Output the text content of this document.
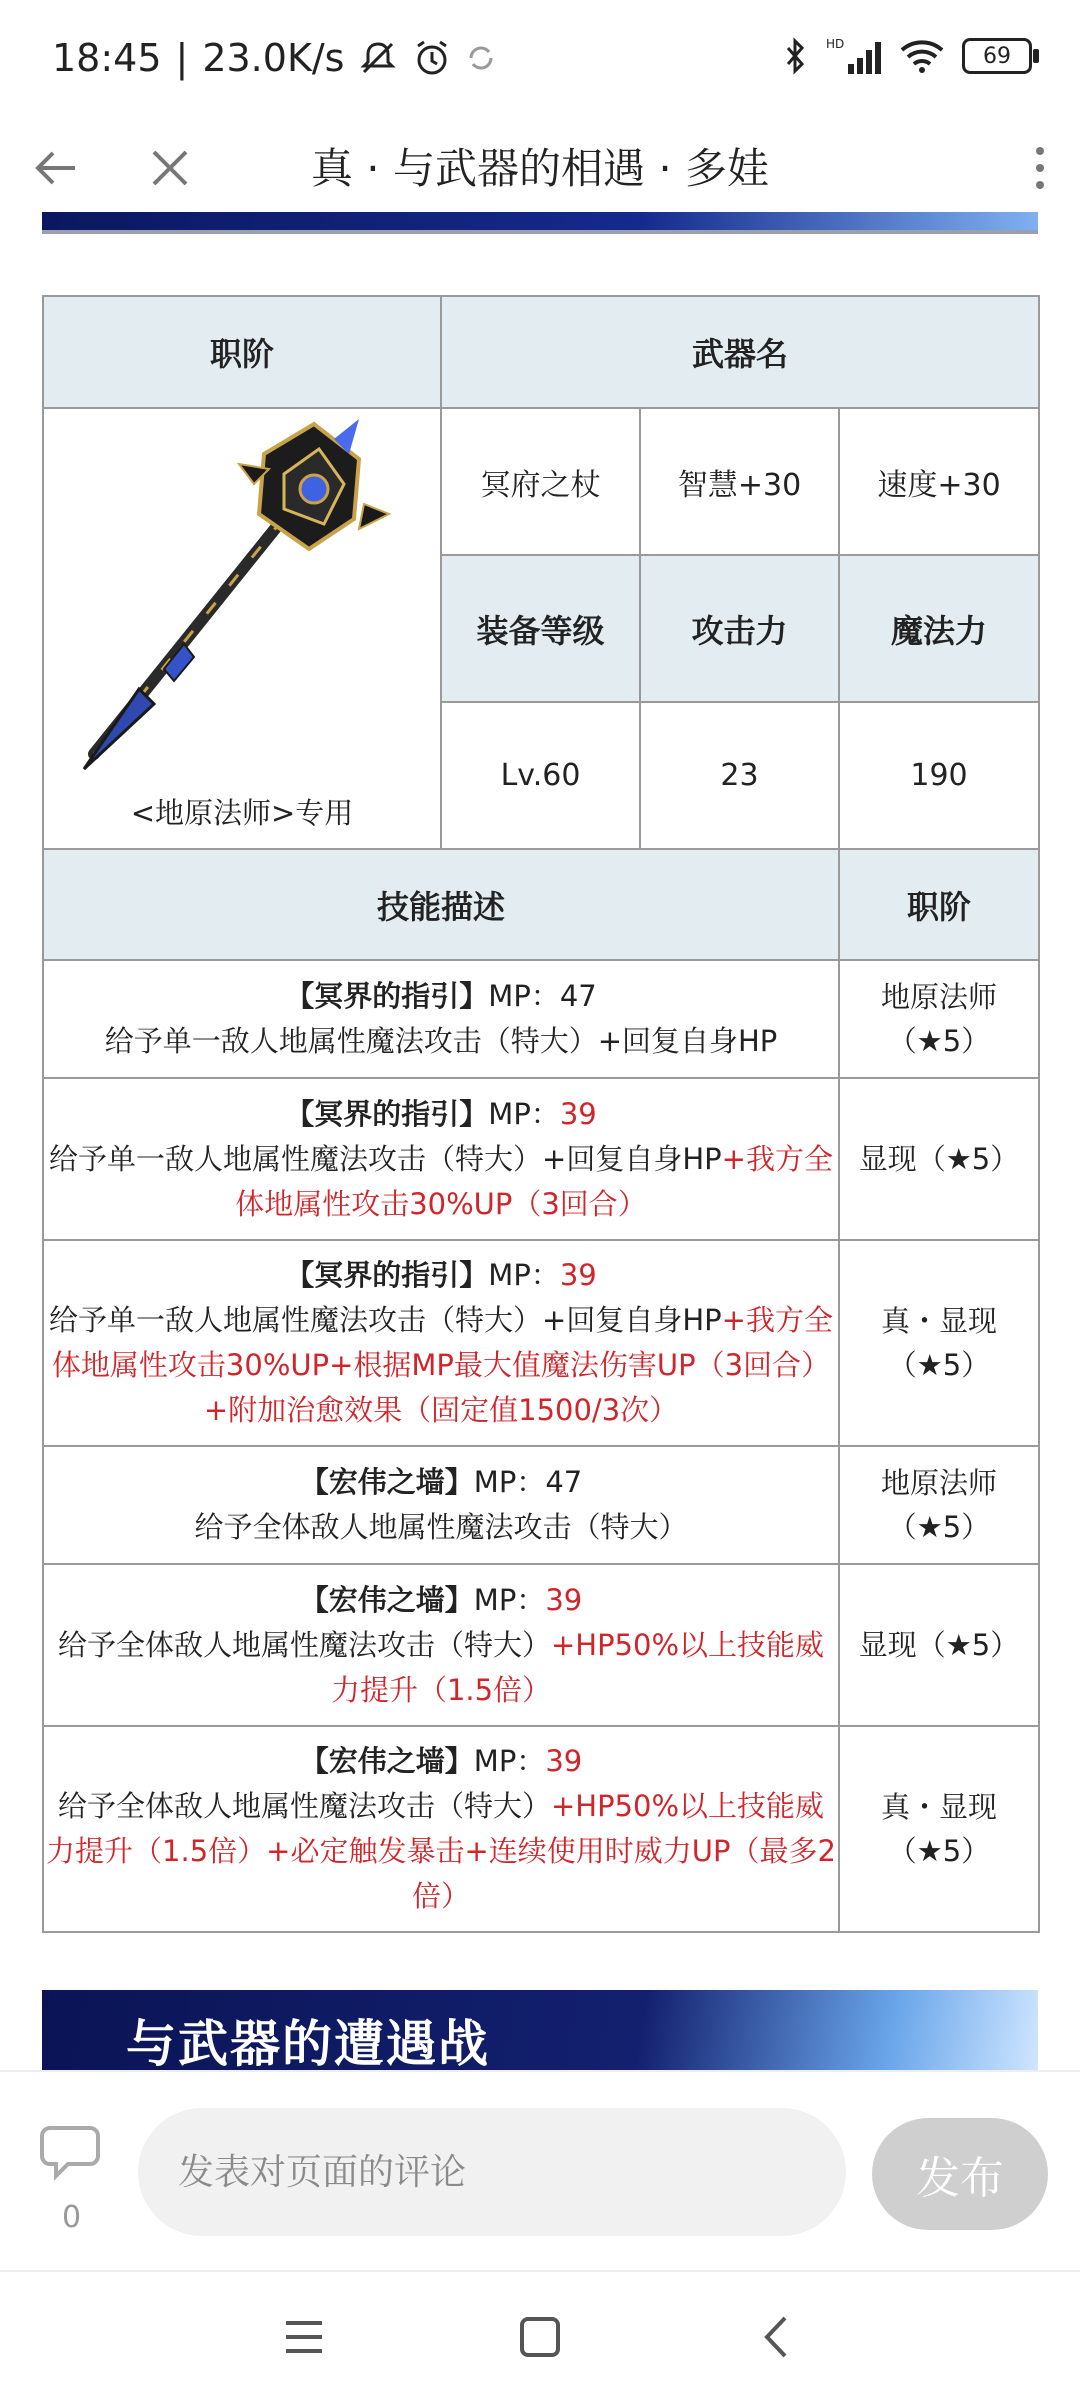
18:45 | 23.0K/s	HD	69
真 · 与武器的相遇 · 多娃
职阶	武器名		

<地原法师>专用	冥府之杖	智慧+30	速度+30
	装备等级	攻击力	魔法力
	Lv.60	23	190
技能描述			职阶
【冥界的指引】MP：47
给予单一敌人地属性魔法攻击（特大）+回复自身HP			地原法师（★5）
【冥界的指引】MP：39
给予单一敌人地属性魔法攻击（特大）+回复自身HP+我方全体地属性攻击30%UP（3回合）			显现（★5）
【冥界的指引】MP：39
给予单一敌人地属性魔法攻击（特大）+回复自身HP+我方全体地属性攻击30%UP+根据MP最大值魔法伤害UP（3回合）+附加治愈效果（固定值1500/3次）			真・显现（★5）
【宏伟之墙】MP：47
给予全体敌人地属性魔法攻击（特大）			地原法师（★5）
【宏伟之墙】MP：39
给予全体敌人地属性魔法攻击（特大）+HP50%以上技能威力提升（1.5倍）			显现（★5）
【宏伟之墙】MP：39
给予全体敌人地属性魔法攻击（特大）+HP50%以上技能威力提升（1.5倍）+必定触发暴击+连续使用时威力UP（最多2倍）			真・显现（★5）
与武器的遭遇战
0
发表对页面的评论
发布
